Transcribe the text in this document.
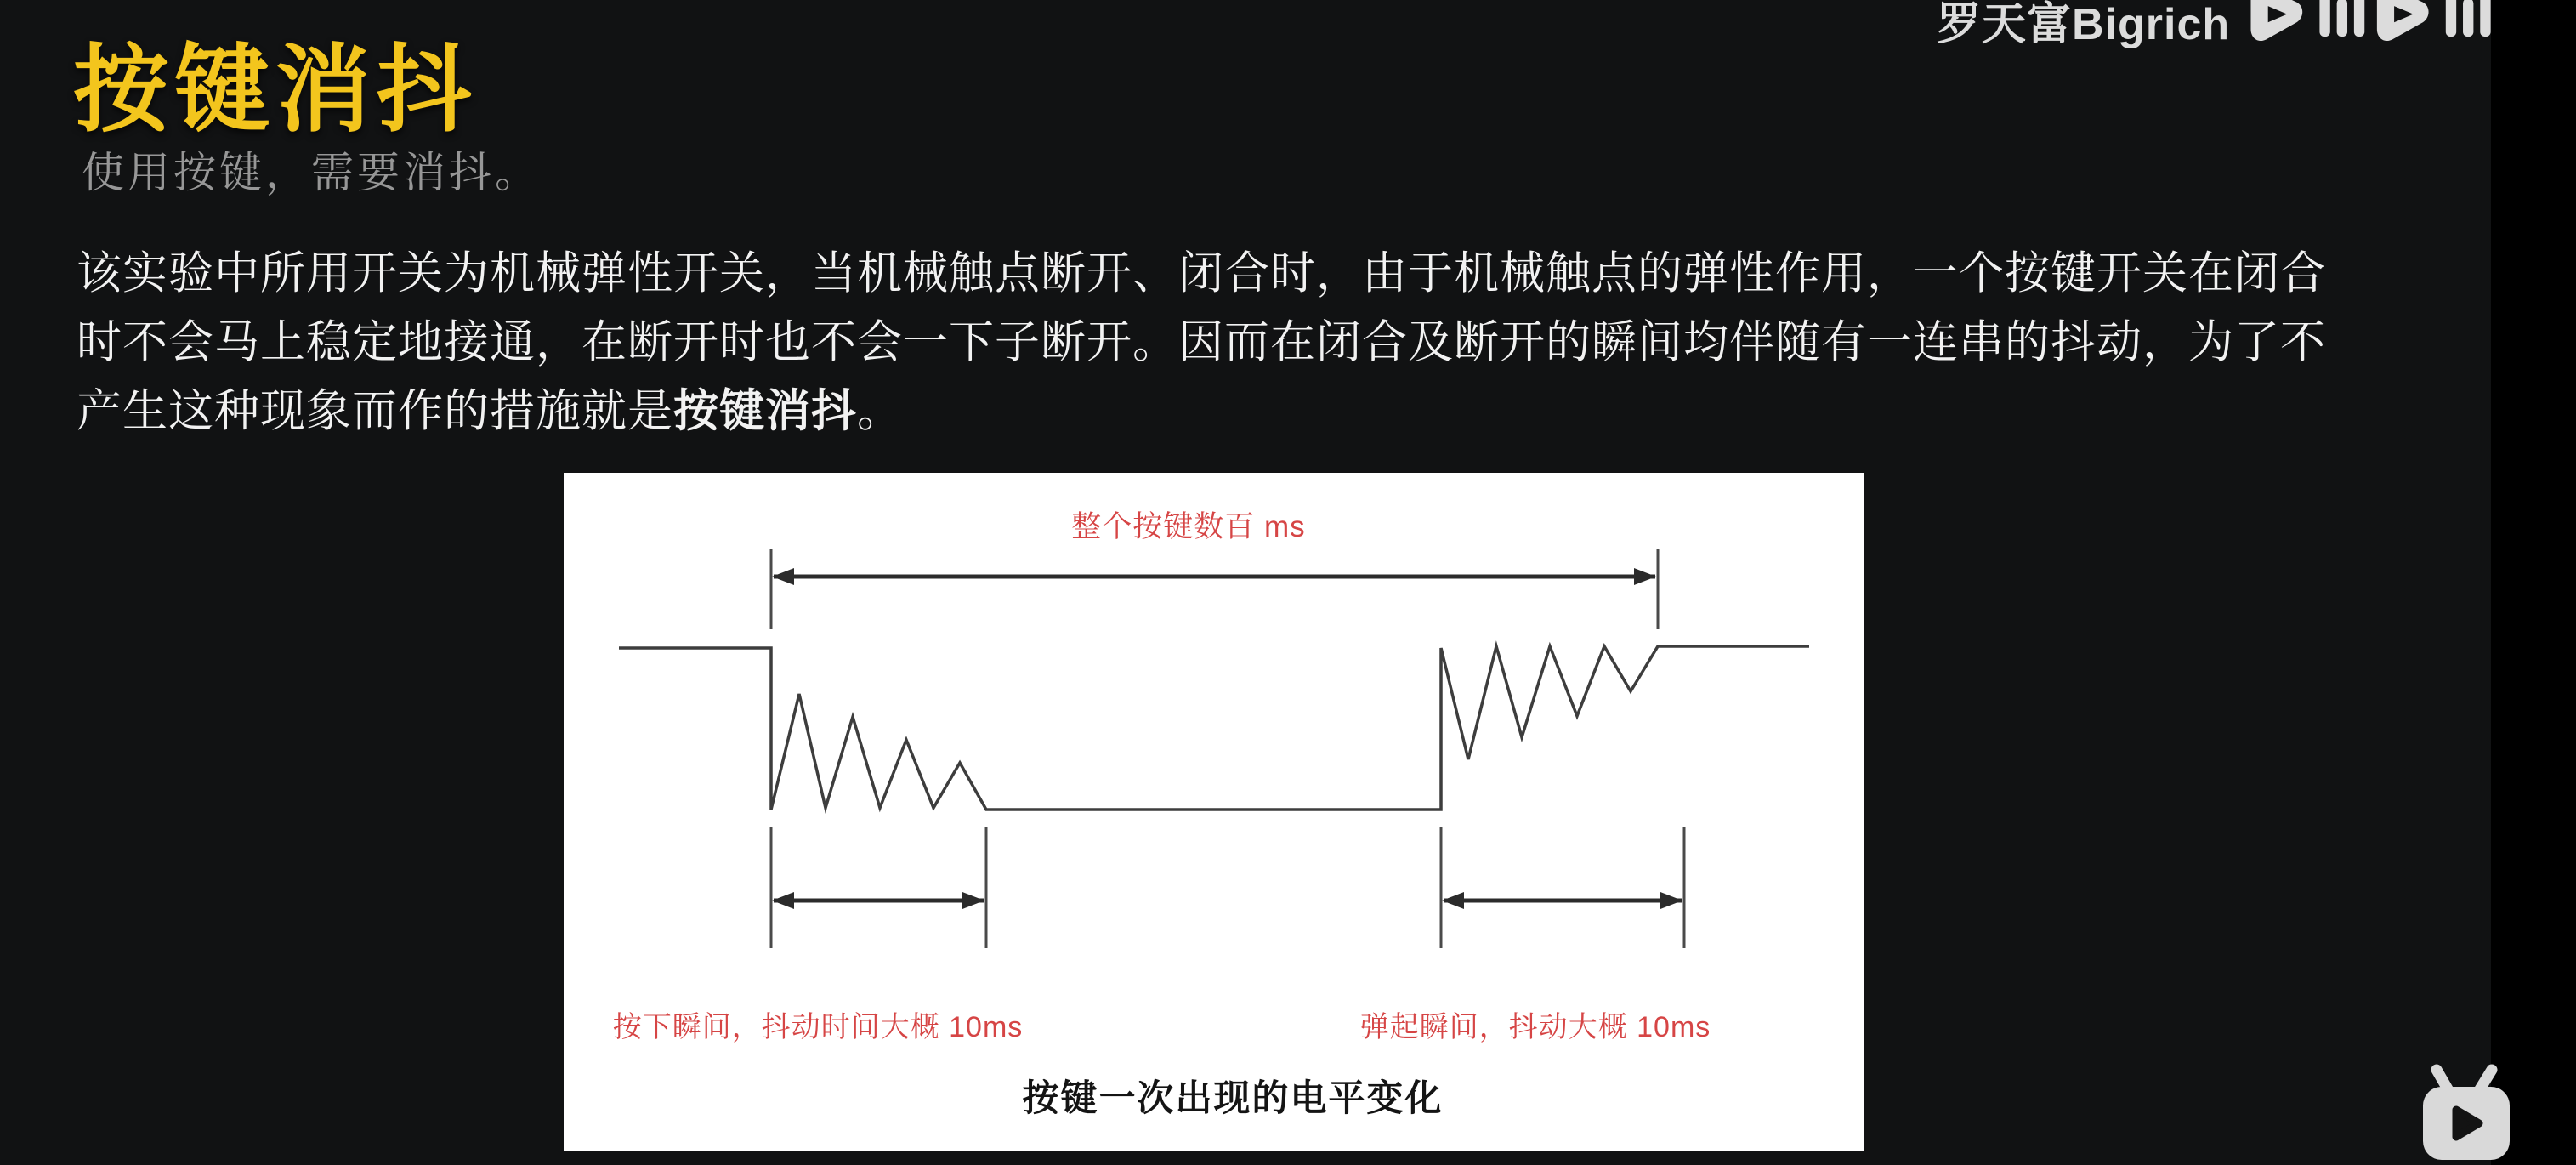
按键消抖
使用按键，需要消抖。
该实验中所用开关为机械弹性开关，当机械触点断开、闭合时，由于机械触点的弹性作用，一个按键开关在闭合
时不会马上稳定地接通，在断开时也不会一下子断开。因而在闭合及断开的瞬间均伴随有一连串的抖动，为了不
产生这种现象而作的措施就是按键消抖。
整个按键数百 ms
按下瞬间，抖动时间大概 10ms	弹起瞬间，抖动大概 10ms
按键一次出现的电平变化
罗天富Bigrich
